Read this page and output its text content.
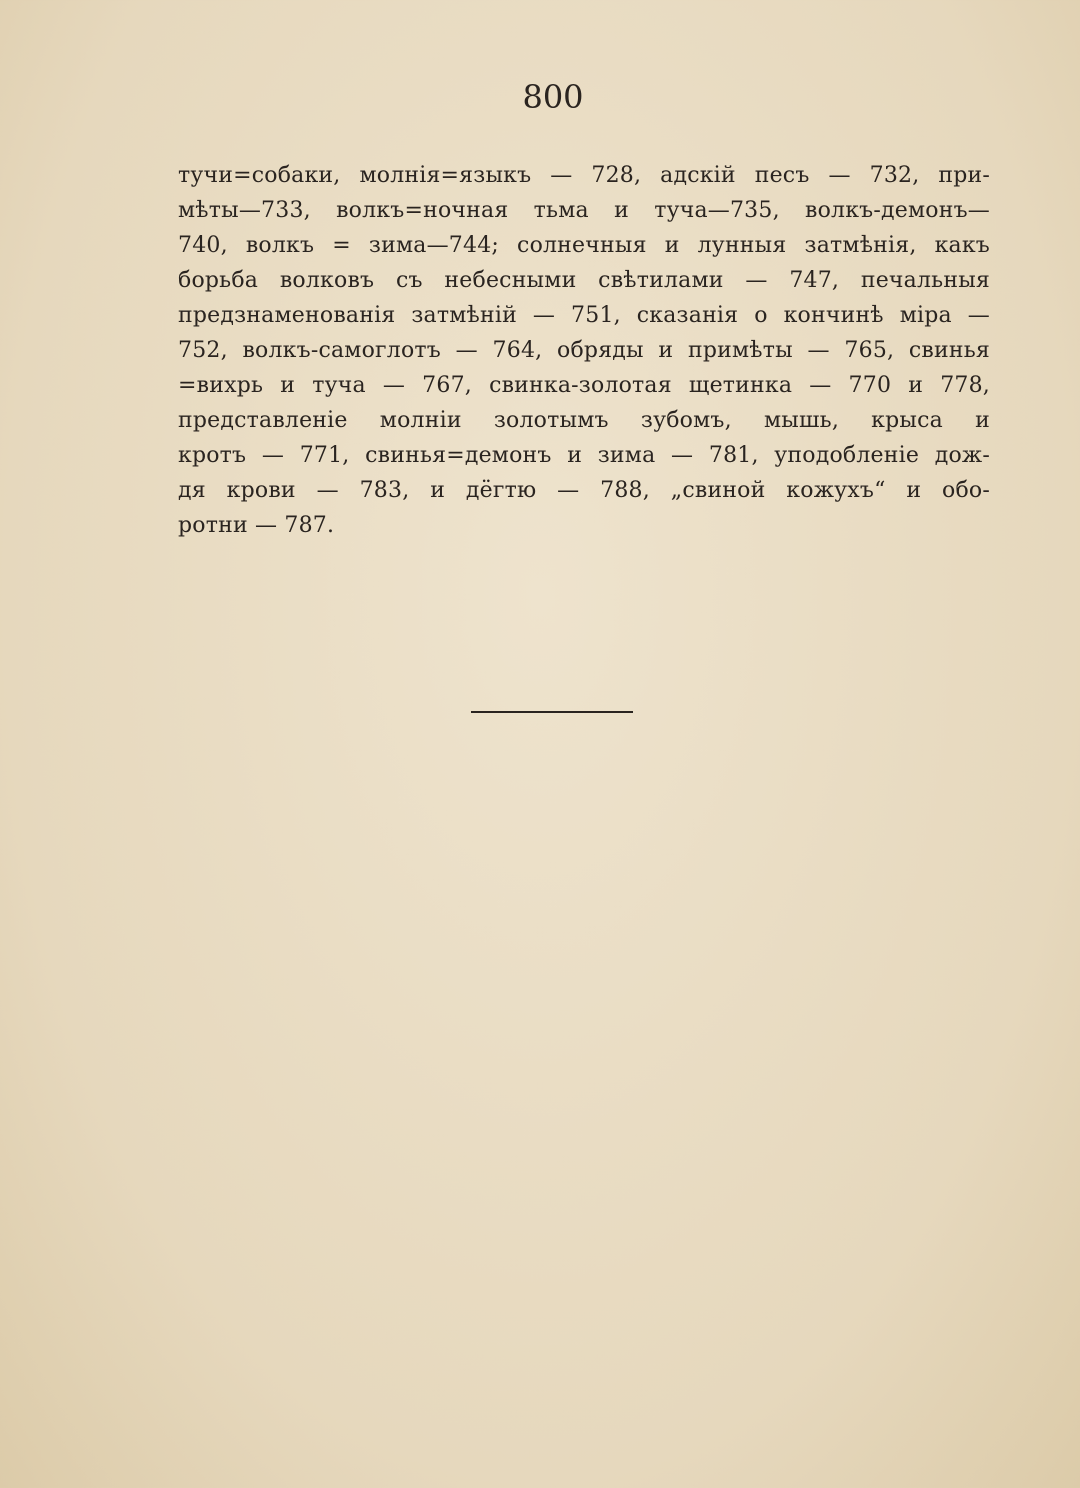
800
тучи=собаки, молнія=языкъ — 728, адскій песъ — 732, при-
мѣты—733, волкъ=ночная тьма и туча—735, волкъ-демонъ—
740, волкъ = зима—744; солнечныя и лунныя затмѣнія, какъ
борьба волковъ съ небесными свѣтилами — 747, печальныя
предзнаменованія затмѣній — 751, сказанія о кончинѣ міра —
752, волкъ-самоглотъ — 764, обряды и примѣты — 765, свинья
=вихрь и туча — 767, свинка-золотая щетинка — 770 и 778,
представленіе молніи золотымъ зубомъ, мышь, крыса и
кротъ — 771, свинья=демонъ и зима — 781, уподобленіе дож-
дя крови — 783, и дёгтю — 788, „свиной кожухъ“ и обо-
ротни — 787.
